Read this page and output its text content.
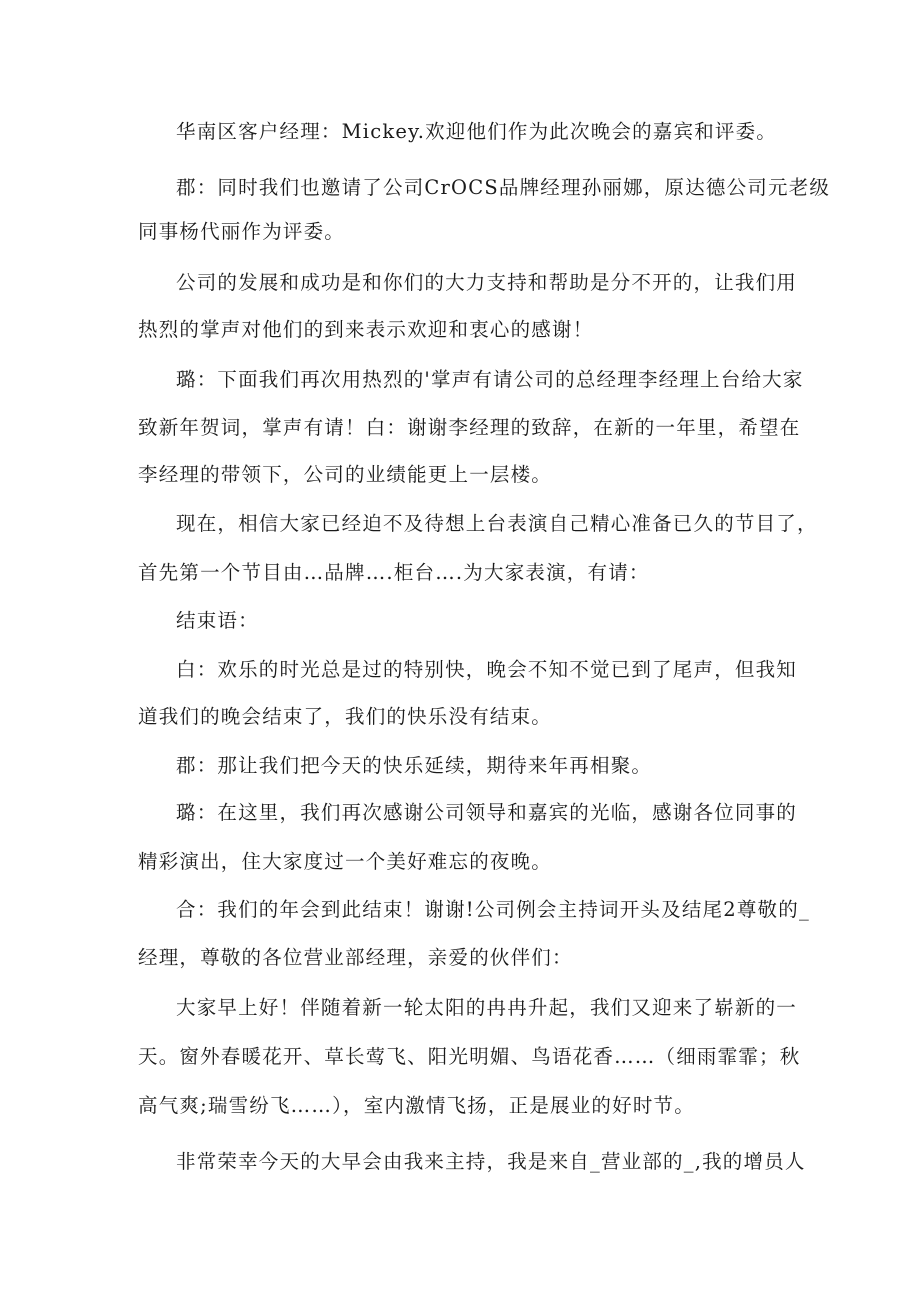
华南区客户经理：Mickey.欢迎他们作为此次晚会的嘉宾和评委。
郡：同时我们也邀请了公司CrOCS品牌经理孙丽娜，原达德公司元老级
同事杨代丽作为评委。
公司的发展和成功是和你们的大力支持和帮助是分不开的，让我们用
热烈的掌声对他们的到来表示欢迎和衷心的感谢！
璐：下面我们再次用热烈的'掌声有请公司的总经理李经理上台给大家
致新年贺词，掌声有请！白：谢谢李经理的致辞，在新的一年里，希望在
李经理的带领下，公司的业绩能更上一层楼。
现在，相信大家已经迫不及待想上台表演自己精心准备已久的节目了，
首先第一个节目由…品牌….柜台….为大家表演，有请：
结束语：
白：欢乐的时光总是过的特别快，晚会不知不觉已到了尾声，但我知
道我们的晚会结束了，我们的快乐没有结束。
郡：那让我们把今天的快乐延续，期待来年再相聚。
璐：在这里，我们再次感谢公司领导和嘉宾的光临，感谢各位同事的
精彩演出，住大家度过一个美好难忘的夜晚。
合：我们的年会到此结束！谢谢!公司例会主持词开头及结尾2尊敬的_
经理，尊敬的各位营业部经理，亲爱的伙伴们：
大家早上好！伴随着新一轮太阳的冉冉升起，我们又迎来了崭新的一
天。窗外春暖花开、草长莺飞、阳光明媚、鸟语花香……（细雨霏霏；秋
高气爽;瑞雪纷飞……），室内激情飞扬，正是展业的好时节。
非常荣幸今天的大早会由我来主持，我是来自_营业部的_,我的增员人
